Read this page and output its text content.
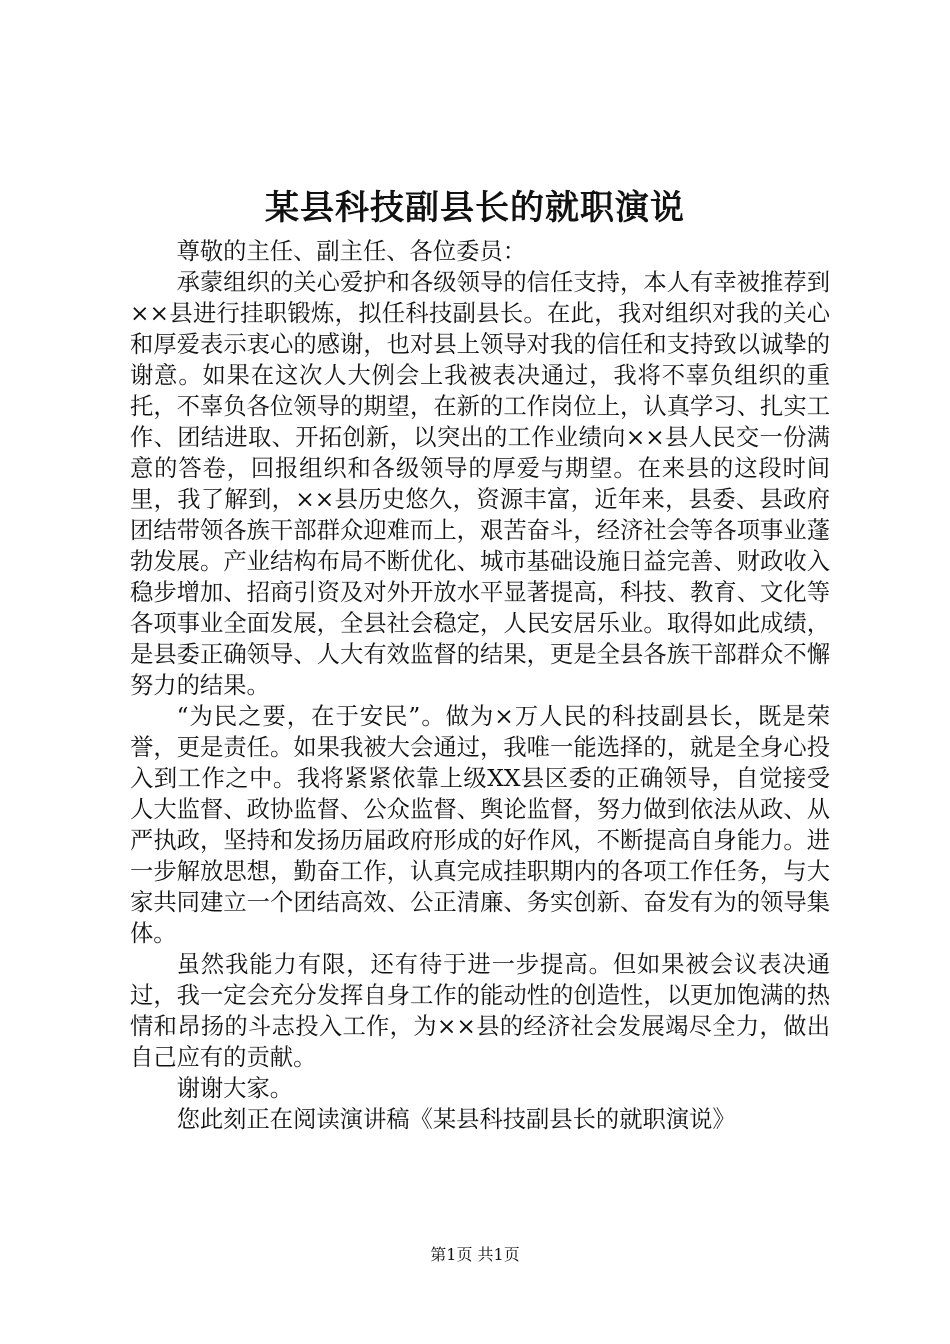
某县科技副县长的就职演说

尊敬的主任、副主任、各位委员：

承蒙组织的关心爱护和各级领导的信任支持，本人有幸被推荐到××县进行挂职锻炼，拟任科技副县长。在此，我对组织对我的关心和厚爱表示衷心的感谢，也对县上领导对我的信任和支持致以诚挚的谢意。如果在这次人大例会上我被表决通过，我将不辜负组织的重托，不辜负各位领导的期望，在新的工作岗位上，认真学习、扎实工作、团结进取、开拓创新，以突出的工作业绩向××县人民交一份满意的答卷，回报组织和各级领导的厚爱与期望。在来县的这段时间里，我了解到，××县历史悠久，资源丰富，近年来，县委、县政府团结带领各族干部群众迎难而上，艰苦奋斗，经济社会等各项事业蓬勃发展。产业结构布局不断优化、城市基础设施日益完善、财政收入稳步增加、招商引资及对外开放水平显著提高，科技、教育、文化等各项事业全面发展，全县社会稳定，人民安居乐业。取得如此成绩，是县委正确领导、人大有效监督的结果，更是全县各族干部群众不懈努力的结果。

“为民之要，在于安民”。做为×万人民的科技副县长，既是荣誉，更是责任。如果我被大会通过，我唯一能选择的，就是全身心投入到工作之中。我将紧紧依靠上级XX县区委的正确领导，自觉接受人大监督、政协监督、公众监督、舆论监督，努力做到依法从政、从严执政，坚持和发扬历届政府形成的好作风，不断提高自身能力。进一步解放思想，勤奋工作，认真完成挂职期内的各项工作任务，与大家共同建立一个团结高效、公正清廉、务实创新、奋发有为的领导集体。

虽然我能力有限，还有待于进一步提高。但如果被会议表决通过，我一定会充分发挥自身工作的能动性的创造性，以更加饱满的热情和昂扬的斗志投入工作，为××县的经济社会发展竭尽全力，做出自己应有的贡献。

谢谢大家。

您此刻正在阅读演讲稿《某县科技副县长的就职演说》

第1页 共1页
